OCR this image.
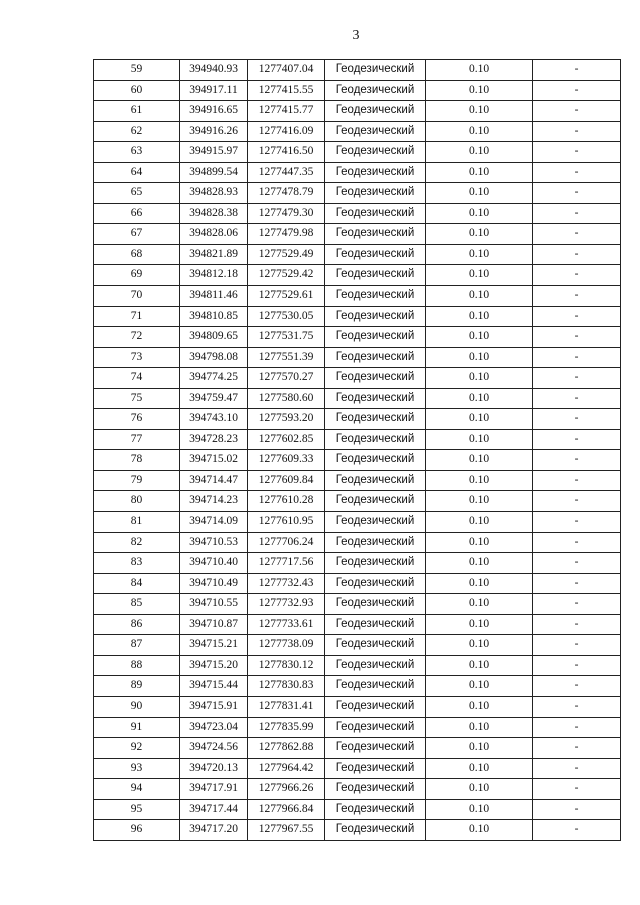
3
59	394940.93	1277407.04	Геодезический	0.10	-
60	394917.11	1277415.55	Геодезический	0.10	-
61	394916.65	1277415.77	Геодезический	0.10	-
62	394916.26	1277416.09	Геодезический	0.10	-
63	394915.97	1277416.50	Геодезический	0.10	-
64	394899.54	1277447.35	Геодезический	0.10	-
65	394828.93	1277478.79	Геодезический	0.10	-
66	394828.38	1277479.30	Геодезический	0.10	-
67	394828.06	1277479.98	Геодезический	0.10	-
68	394821.89	1277529.49	Геодезический	0.10	-
69	394812.18	1277529.42	Геодезический	0.10	-
70	394811.46	1277529.61	Геодезический	0.10	-
71	394810.85	1277530.05	Геодезический	0.10	-
72	394809.65	1277531.75	Геодезический	0.10	-
73	394798.08	1277551.39	Геодезический	0.10	-
74	394774.25	1277570.27	Геодезический	0.10	-
75	394759.47	1277580.60	Геодезический	0.10	-
76	394743.10	1277593.20	Геодезический	0.10	-
77	394728.23	1277602.85	Геодезический	0.10	-
78	394715.02	1277609.33	Геодезический	0.10	-
79	394714.47	1277609.84	Геодезический	0.10	-
80	394714.23	1277610.28	Геодезический	0.10	-
81	394714.09	1277610.95	Геодезический	0.10	-
82	394710.53	1277706.24	Геодезический	0.10	-
83	394710.40	1277717.56	Геодезический	0.10	-
84	394710.49	1277732.43	Геодезический	0.10	-
85	394710.55	1277732.93	Геодезический	0.10	-
86	394710.87	1277733.61	Геодезический	0.10	-
87	394715.21	1277738.09	Геодезический	0.10	-
88	394715.20	1277830.12	Геодезический	0.10	-
89	394715.44	1277830.83	Геодезический	0.10	-
90	394715.91	1277831.41	Геодезический	0.10	-
91	394723.04	1277835.99	Геодезический	0.10	-
92	394724.56	1277862.88	Геодезический	0.10	-
93	394720.13	1277964.42	Геодезический	0.10	-
94	394717.91	1277966.26	Геодезический	0.10	-
95	394717.44	1277966.84	Геодезический	0.10	-
96	394717.20	1277967.55	Геодезический	0.10	-
